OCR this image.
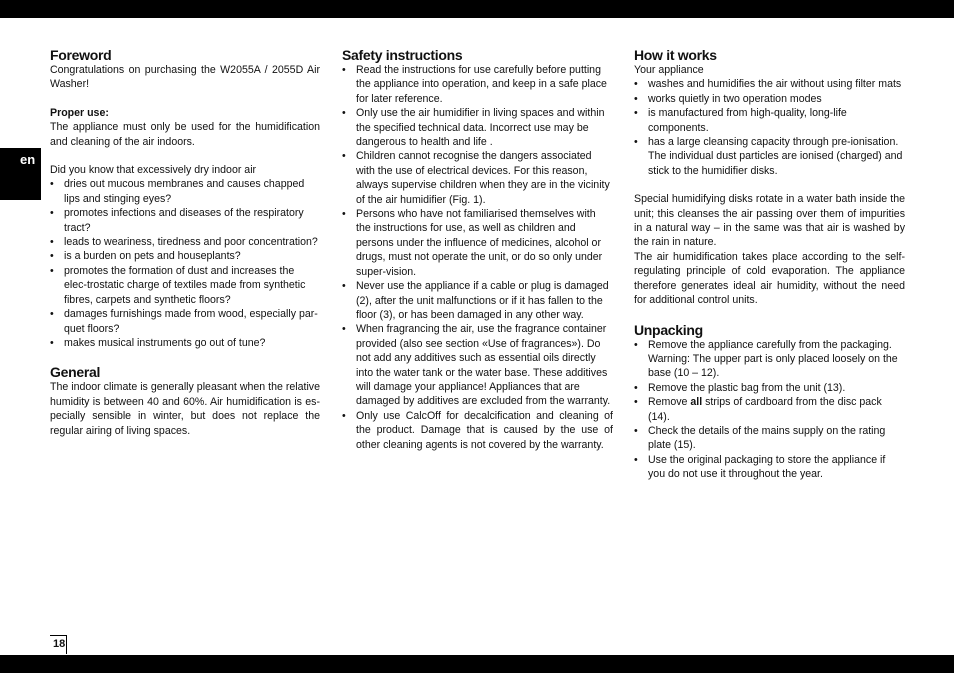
en
Foreword

Congratulations on purchasing the W2055A / 2055D Air Washer!

Proper use:

The appliance must only be used for the humidification and cleaning of the air indoors.

Did you know that excessively dry indoor air

• dries out mucous membranes and causes chapped lips and stinging eyes?
• promotes infections and diseases of the respiratory tract?
• leads to weariness, tiredness and poor concentration?
• is a burden on pets and houseplants?
• promotes the formation of dust and increases the elec-trostatic charge of textiles made from synthetic fibres, carpets and synthetic floors?
• damages furnishings made from wood, especially par-quet floors?
• makes musical instruments go out of tune?
General

The indoor climate is generally pleasant when the relative humidity is between 40 and 60%. Air humidification is es-pecially sensible in winter, but does not replace the regular airing of living spaces.

Safety instructions
• Read the instructions for use carefully before putting the appliance into operation, and keep in a safe place for later reference.
• Only use the air humidifier in living spaces and within the specified technical data. Incorrect use may be dangerous to health and life .
• Children cannot recognise the dangers associated with the use of electrical devices. For this reason, always supervise children when they are in the vicinity of the air humidifier (Fig. 1).
• Persons who have not familiarised themselves with the instructions for use, as well as children and persons under the influence of medicines, alcohol or drugs, must not operate the unit, or do so only under super-vision.
• Never use the appliance if a cable or plug is damaged (2), after the unit malfunctions or if it has fallen to the floor (3), or has been damaged in any other way.
• When fragrancing the air, use the fragrance container provided (also see section «Use of fragrances»). Do not add any additives such as essential oils directly into the water tank or the water base. These additives will damage your appliance! Appliances that are damaged by additives are excluded from the warranty.
• Only use CalcOff for decalcification and cleaning of the product. Damage that is caused by the use of other cleaning agents is not covered by the warranty.
How it works

Your appliance

• washes and humidifies the air without using filter mats
• works quietly in two operation modes
• is manufactured from high-quality, long-life components.
• has a large cleansing capacity through pre-ionisation. The individual dust particles are ionised (charged) and stick to the humidifier disks.

Special humidifying disks rotate in a water bath inside the unit; this cleanses the air passing over them of impurities in a natural way – in the same was that air is washed by the rain in nature.

The air humidification takes place according to the self-regulating principle of cold evaporation. The appliance therefore generates ideal air humidity, without the need for additional control units.

Unpacking
• Remove the appliance carefully from the packaging. Warning: The upper part is only placed loosely on the base (10 – 12).
• Remove the plastic bag from the unit (13).
• Remove all strips of cardboard from the disc pack (14).
• Check the details of the mains supply on the rating plate (15).
• Use the original packaging to store the appliance if you do not use it throughout the year.
18
